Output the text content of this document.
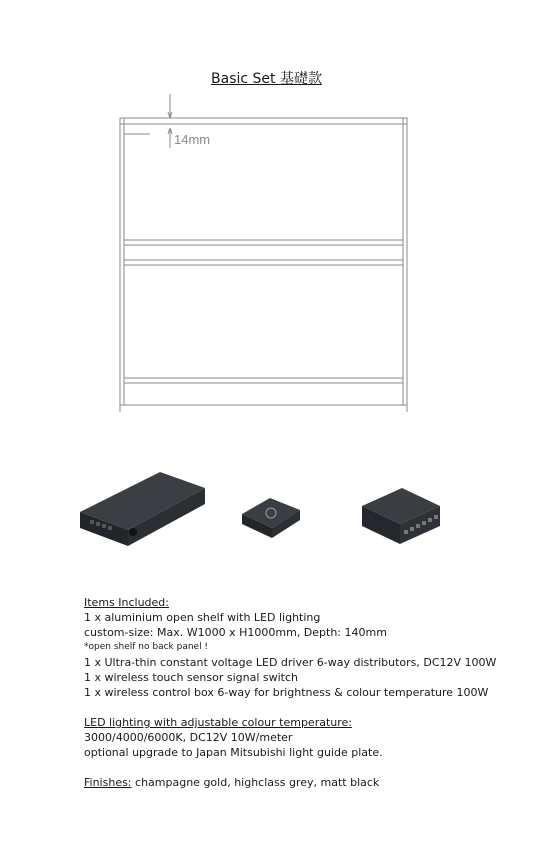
Basic Set 基礎款
14mm

Items Included:

1 x aluminium open shelf with LED lighting

custom-size: Max. W1000 x H1000mm, Depth: 140mm

*open shelf no back panel !

1 x Ultra-thin constant voltage LED driver 6-way distributors, DC12V 100W

1 x wireless touch sensor signal switch

1 x wireless control box 6-way for brightness & colour temperature 100W

LED lighting with adjustable colour temperature:

3000/4000/6000K, DC12V 10W/meter

optional upgrade to Japan Mitsubishi light guide plate.

Finishes: champagne gold, highclass grey, matt black
